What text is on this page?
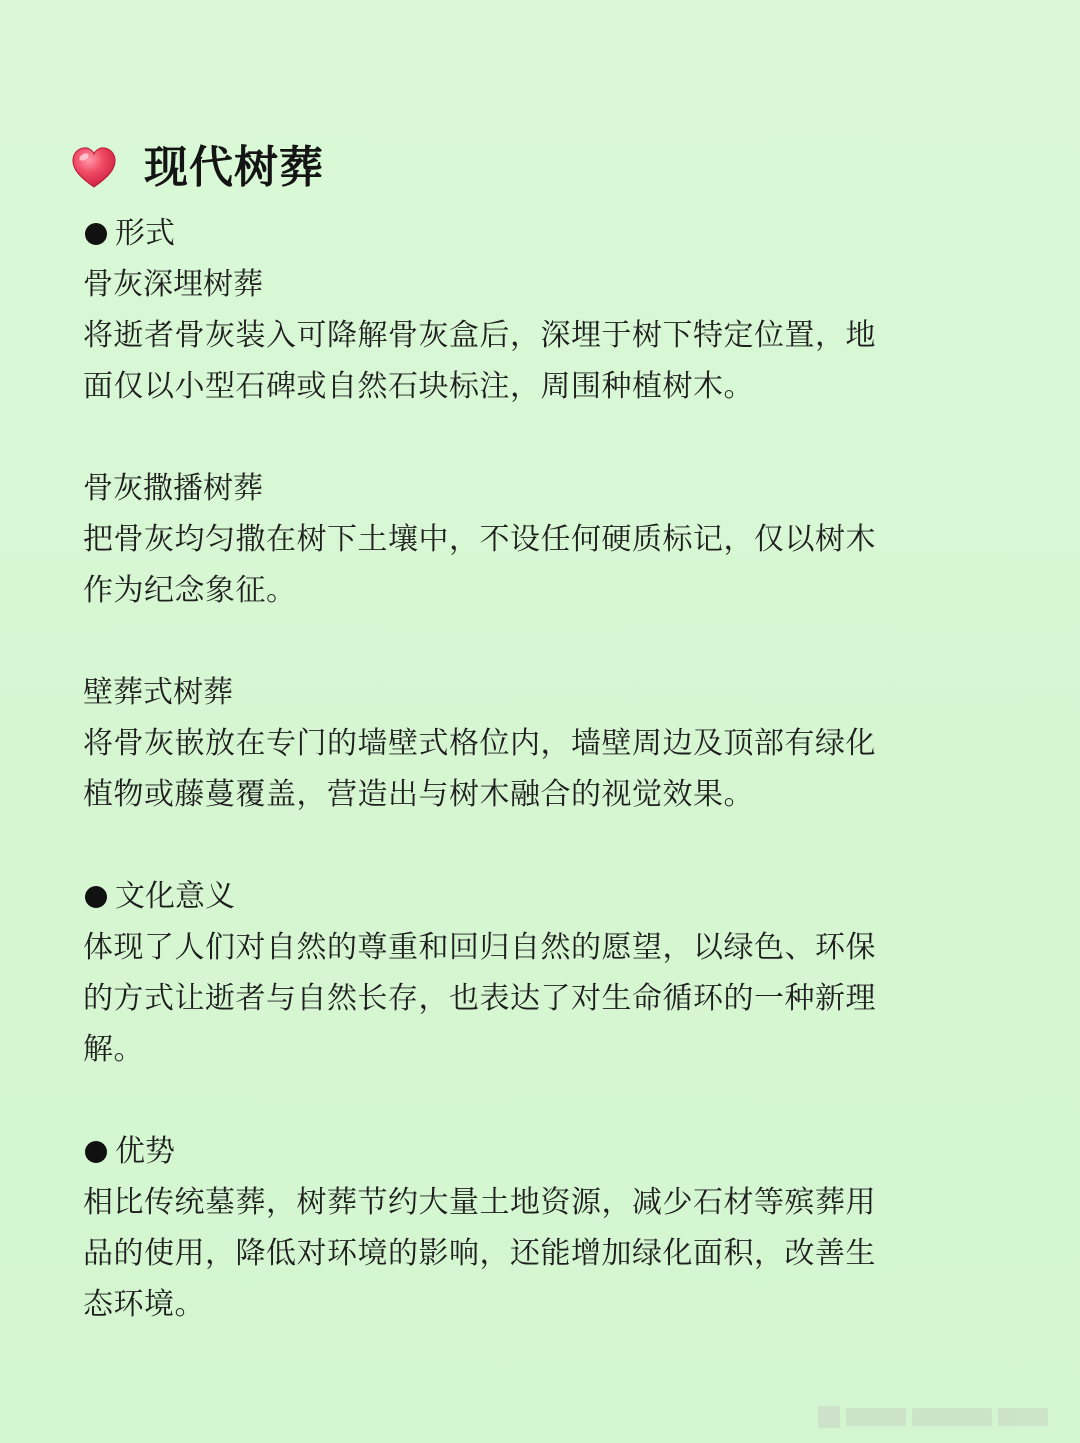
现代树葬
形式

骨灰深埋树葬

将逝者骨灰装入可降解骨灰盒后，深埋于树下特定位置，地

面仅以小型石碑或自然石块标注，周围种植树木。

骨灰撒播树葬

把骨灰均匀撒在树下土壤中，不设任何硬质标记，仅以树木

作为纪念象征。

壁葬式树葬

将骨灰嵌放在专门的墙壁式格位内，墙壁周边及顶部有绿化

植物或藤蔓覆盖，营造出与树木融合的视觉效果。

文化意义

体现了人们对自然的尊重和回归自然的愿望，以绿色、环保

的方式让逝者与自然长存，也表达了对生命循环的一种新理

解。

优势

相比传统墓葬，树葬节约大量土地资源，减少石材等殡葬用

品的使用，降低对环境的影响，还能增加绿化面积，改善生

态环境。
